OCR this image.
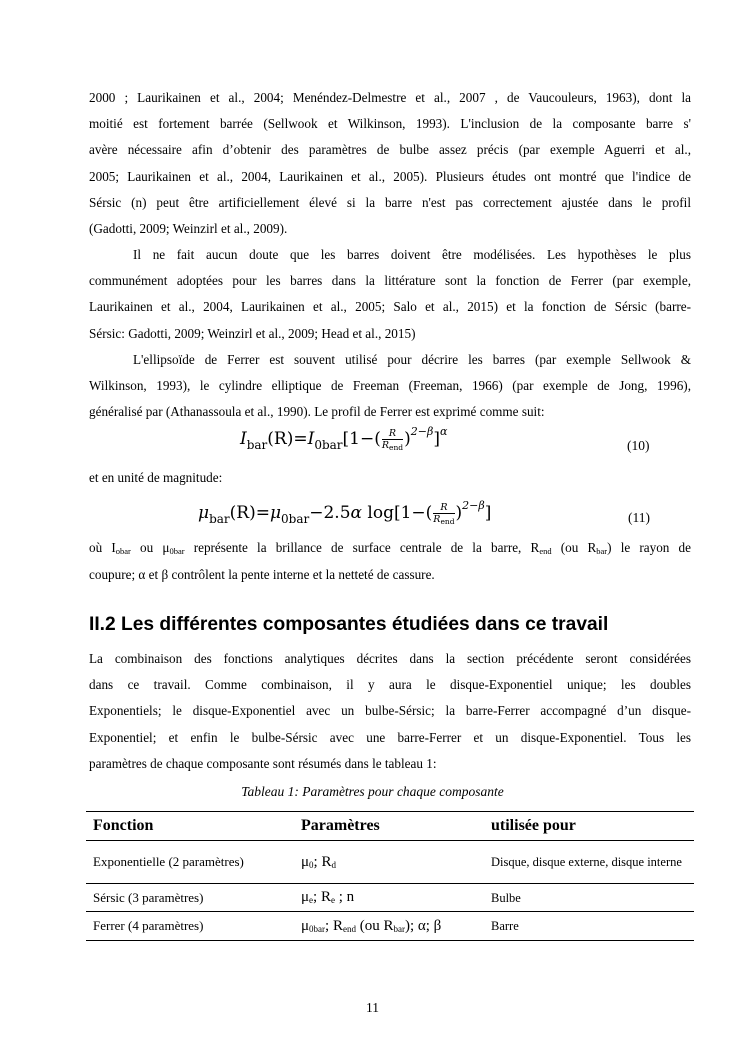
2000 ; Laurikainen et al., 2004; Menéndez-Delmestre et al., 2007 , de Vaucouleurs, 1963), dont la
moitié est fortement barrée (Sellwook et Wilkinson, 1993). L'inclusion de la composante barre s'
avère nécessaire afin d’obtenir des paramètres de bulbe assez précis (par exemple Aguerri et al.,
2005; Laurikainen et al., 2004, Laurikainen et al., 2005). Plusieurs études ont montré que l'indice de
Sérsic (n) peut être artificiellement élevé si la barre n'est pas correctement ajustée dans le profil
(Gadotti, 2009; Weinzirl et al., 2009).
Il ne fait aucun doute que les barres doivent être modélisées. Les hypothèses le plus
communément adoptées pour les barres dans la littérature sont la fonction de Ferrer (par exemple,
Laurikainen et al., 2004, Laurikainen et al., 2005; Salo et al., 2015) et la fonction de Sérsic (barre-
Sérsic: Gadotti, 2009; Weinzirl et al., 2009; Head et al., 2015)
L'ellipsoïde de Ferrer est souvent utilisé pour décrire les barres (par exemple Sellwook &
Wilkinson, 1993), le cylindre elliptique de Freeman (Freeman, 1966) (par exemple de Jong, 1996),
généralisé par (Athanassoula et al., 1990). Le profil de Ferrer est exprimé comme suit:
$I_{bar}(R)=I_{0bar}[1-( \frac{R}{R_{end}} )^{2-\beta}]^\alpha$
(10)
et en unité de magnitude:
$\mu_{bar}(R)=\mu_{0bar}-2.5\alpha$ $\log[1-( \frac{R}{R_{end}} )^{2-\beta}]$	(11)
où Iobar ou μ0bar représente la brillance de surface centrale de la barre, Rend (ou Rbar) le rayon de
coupure; α et β contrôlent la pente interne et la netteté de cassure.
II.2 Les différentes composantes étudiées dans ce travail
La combinaison des fonctions analytiques décrites dans la section précédente seront considérées
dans ce travail. Comme combinaison, il y aura le disque-Exponentiel unique; les doubles
Exponentiels; le disque-Exponentiel avec un bulbe-Sérsic; la barre-Ferrer accompagné d’un disque-
Exponentiel; et enfin le bulbe-Sérsic avec une barre-Ferrer et un disque-Exponentiel. Tous les
paramètres de chaque composante sont résumés dans le tableau 1:
Tableau 1: Paramètres pour chaque composante
Fonction	Paramètres	utilisée pour
Exponentielle (2 paramètres)	μ0; Rd	Disque, disque externe, disque interne
Sérsic (3 paramètres)	μe; Re ; n	Bulbe
Ferrer (4 paramètres)	μ0bar; Rend (ou Rbar); α; β	Barre
11
